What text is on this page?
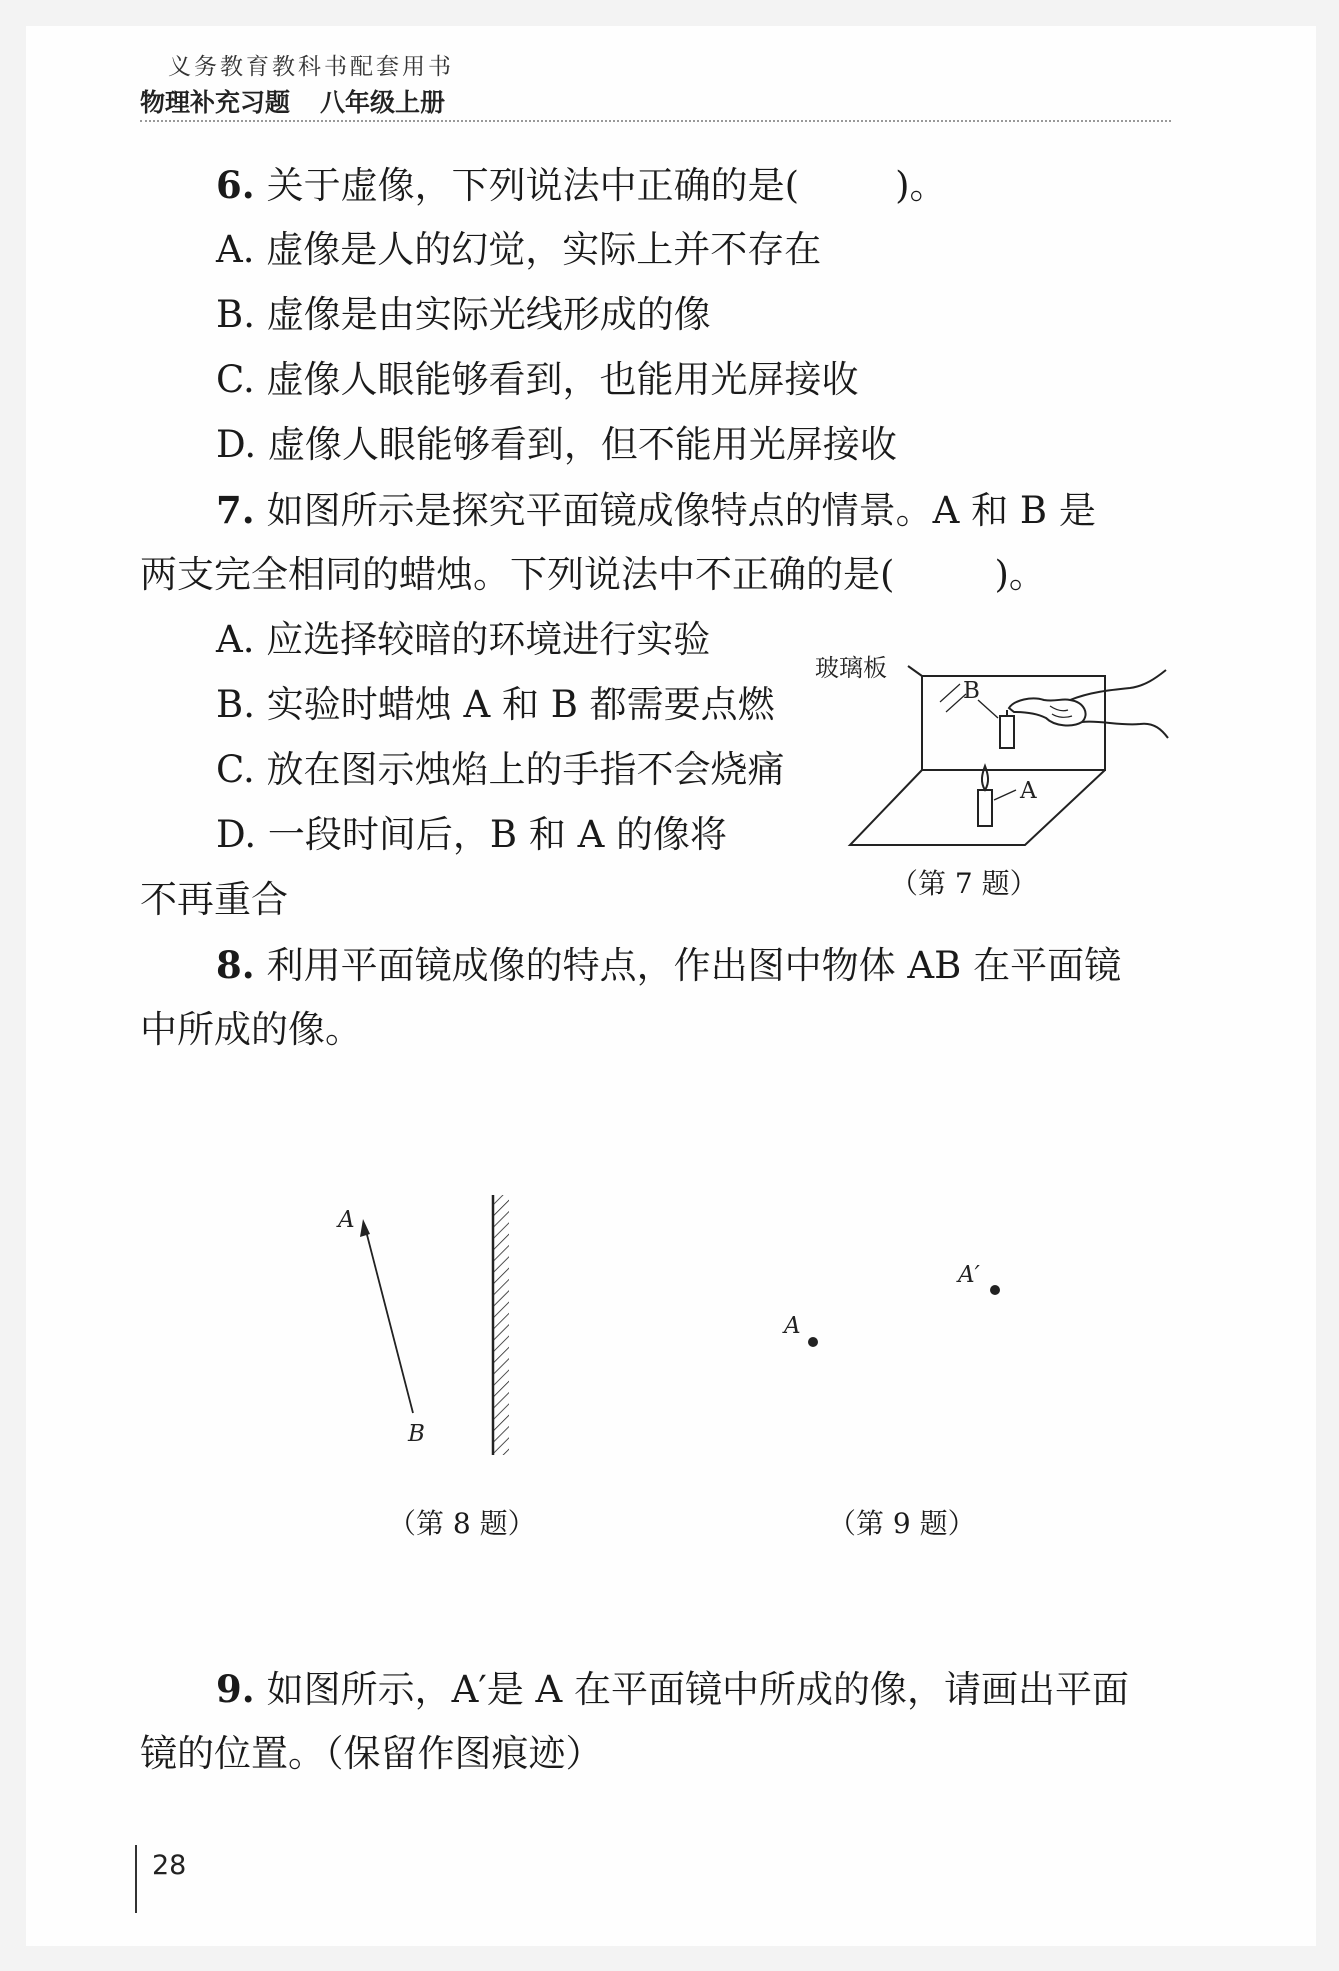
义务教育教科书配套用书
物理补充习题 八年级上册
6. 关于虚像，下列说法中正确的是(	)。
A. 虚像是人的幻觉，实际上并不存在
B. 虚像是由实际光线形成的像
C. 虚像人眼能够看到，也能用光屏接收
D. 虚像人眼能够看到，但不能用光屏接收
7. 如图所示是探究平面镜成像特点的情景。A 和 B 是
两支完全相同的蜡烛。下列说法中不正确的是(	)。
A. 应选择较暗的环境进行实验
B. 实验时蜡烛 A 和 B 都需要点燃
C. 放在图示烛焰上的手指不会烧痛
D. 一段时间后，B 和 A 的像将
不再重合
玻璃板
B
A
（第 7 题）
8. 利用平面镜成像的特点，作出图中物体 AB 在平面镜
中所成的像。
A
B
（第 8 题）
A′
A
（第 9 题）
9. 如图所示，A′是 A 在平面镜中所成的像，请画出平面
镜的位置。（保留作图痕迹）
28
